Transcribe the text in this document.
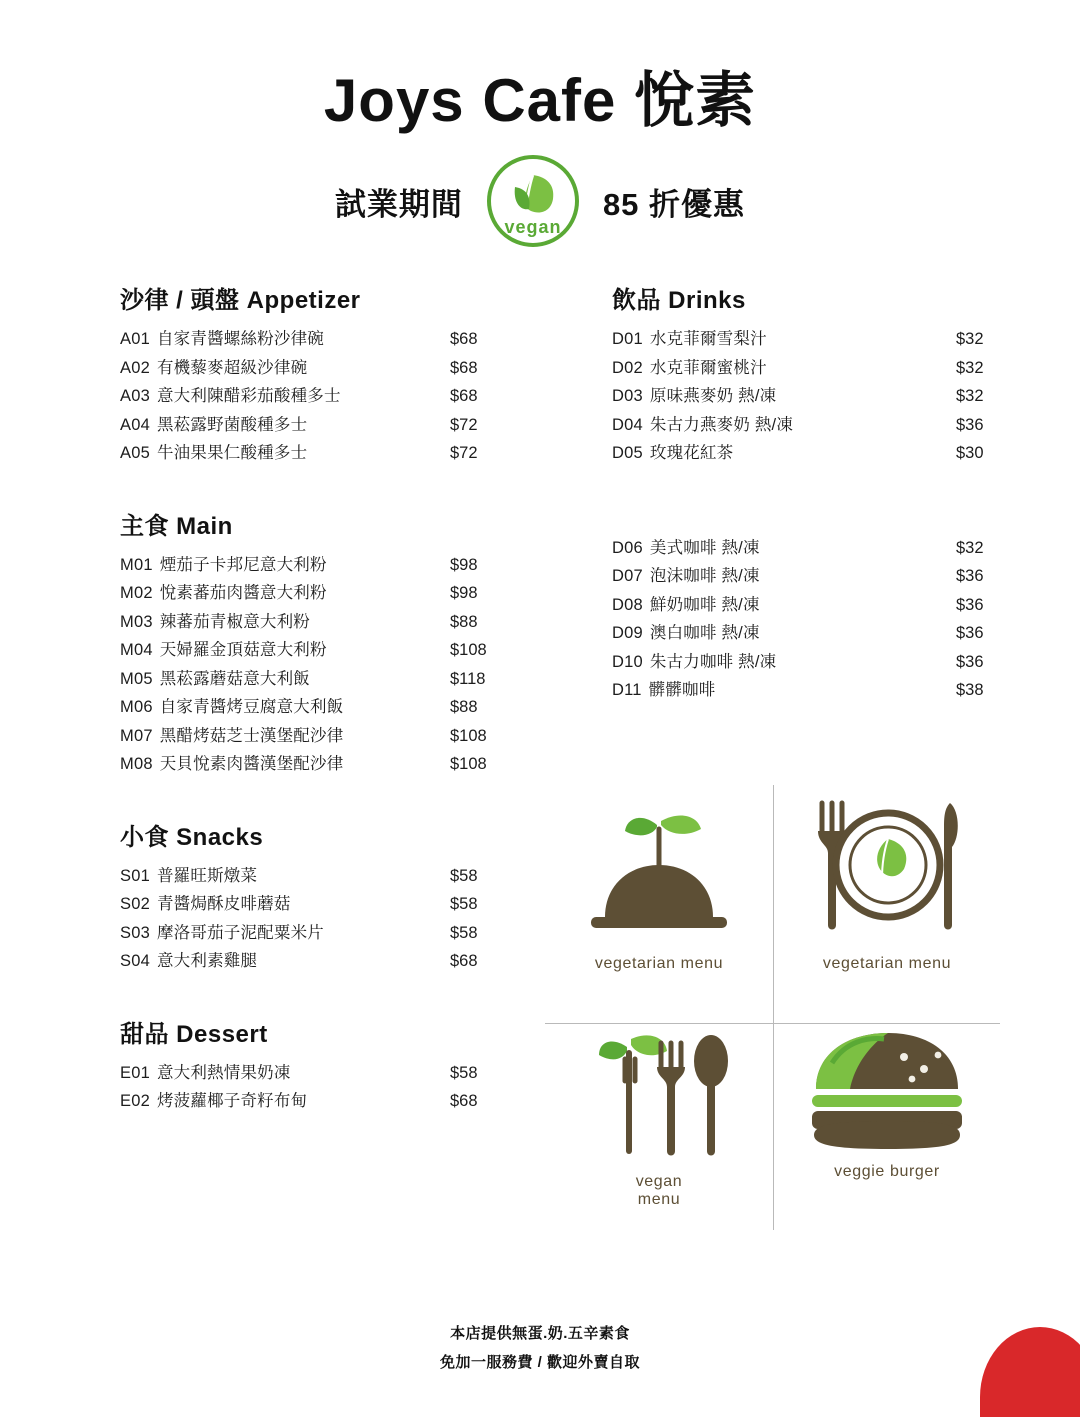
Joys Cafe 悅素
試業期間
vegan
85 折優惠
沙律 / 頭盤 Appetizer
A01 自家青醬螺絲粉沙律碗	$68
A02 有機藜麥超級沙律碗	$68
A03 意大利陳醋彩茄酸種多士	$68
A04 黑菘露野菌酸種多士	$72
A05 牛油果果仁酸種多士	$72
主食 Main
M01 煙茄子卡邦尼意大利粉	$98
M02 悅素蕃茄肉醬意大利粉	$98
M03 辣蕃茄青椒意大利粉	$88
M04 天婦羅金頂菇意大利粉	$108
M05 黑菘露蘑菇意大利飯	$118
M06 自家青醬烤豆腐意大利飯	$88
M07 黑醋烤菇芝士漢堡配沙律	$108
M08 天貝悅素肉醬漢堡配沙律	$108
小食 Snacks
S01 普羅旺斯燉菜	$58
S02 青醬焗酥皮啡蘑菇	$58
S03 摩洛哥茄子泥配粟米片	$58
S04 意大利素雞腿	$68
甜品 Dessert
E01 意大利熱情果奶凍	$58
E02 烤菠蘿椰子奇籽布甸	$68
飲品 Drinks
D01 水克菲爾雪梨汁	$32
D02 水克菲爾蜜桃汁	$32
D03 原味燕麥奶 熱/凍	$32
D04 朱古力燕麥奶 熱/凍	$36
D05 玫瑰花紅茶	$30
D06 美式咖啡 熱/凍	$32
D07 泡沫咖啡 熱/凍	$36
D08 鮮奶咖啡 熱/凍	$36
D09 澳白咖啡 熱/凍	$36
D10 朱古力咖啡 熱/凍	$36
D11 髒髒咖啡	$38
vegetarian menu	vegetarian menu
vegan
menu
veggie burger
本店提供無蛋.奶.五辛素食
免加一服務費 / 歡迎外賣自取
